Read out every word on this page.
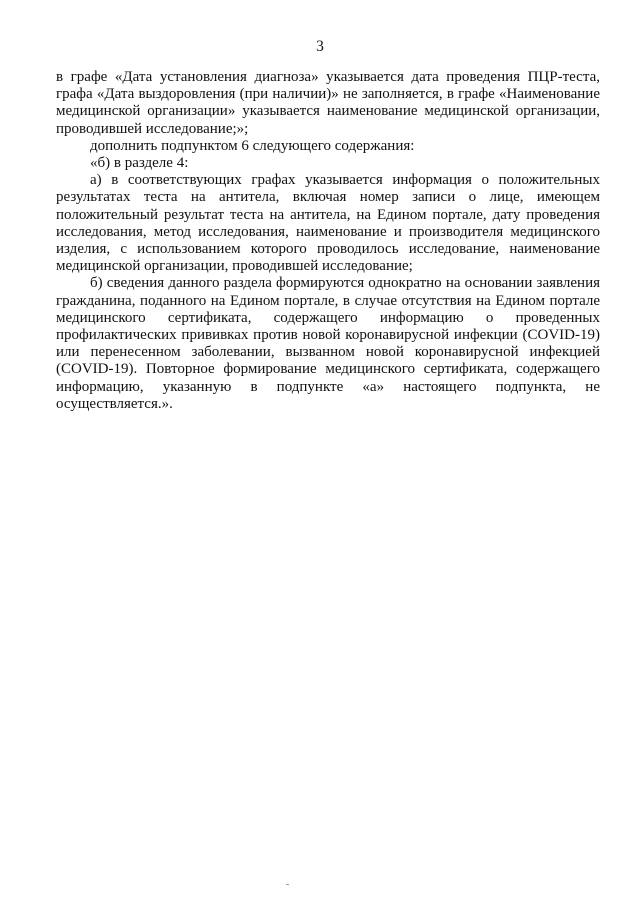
3

в графе «Дата установления диагноза» указывается дата проведения ПЦР-теста, графа «Дата выздоровления (при наличии)» не заполняется, в графе «Наименование медицинской организации» указывается наименование медицинской организации, проводившей исследование;»;

дополнить подпунктом 6 следующего содержания:

«б) в разделе 4:

а) в соответствующих графах указывается информация о положительных результатах теста на антитела, включая номер записи о лице, имеющем положительный результат теста на антитела, на Едином портале, дату проведения исследования, метод исследования, наименование и производителя медицинского изделия, с использованием которого проводилось исследование, наименование медицинской организации, проводившей исследование;

б) сведения данного раздела формируются однократно на основании заявления гражданина, поданного на Едином портале, в случае отсутствия на Едином портале медицинского сертификата, содержащего информацию о проведенных профилактических прививках против новой коронавирусной инфекции (COVID-19) или перенесенном заболевании, вызванном новой коронавирусной инфекцией (COVID-19). Повторное формирование медицинского сертификата, содержащего информацию, указанную в подпункте «а» настоящего подпункта, не осуществляется.».
